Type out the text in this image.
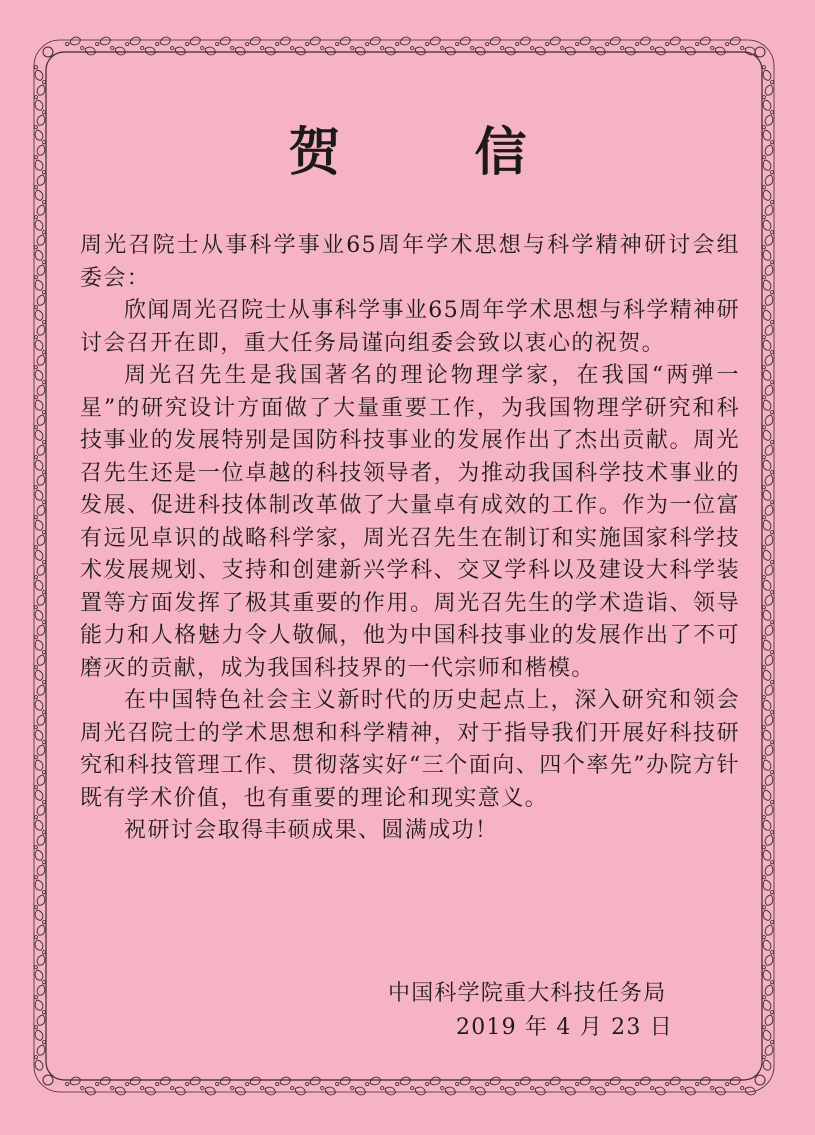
贺 信

周光召院士从事科学事业65周年学术思想与科学精神研讨会组委会：

欣闻周光召院士从事科学事业65周年学术思想与科学精神研讨会召开在即，重大任务局谨向组委会致以衷心的祝贺。

周光召先生是我国著名的理论物理学家，在我国“两弹一星”的研究设计方面做了大量重要工作，为我国物理学研究和科技事业的发展特别是国防科技事业的发展作出了杰出贡献。周光召先生还是一位卓越的科技领导者，为推动我国科学技术事业的发展、促进科技体制改革做了大量卓有成效的工作。作为一位富有远见卓识的战略科学家，周光召先生在制订和实施国家科学技术发展规划、支持和创建新兴学科、交叉学科以及建设大科学装置等方面发挥了极其重要的作用。周光召先生的学术造诣、领导能力和人格魅力令人敬佩，他为中国科技事业的发展作出了不可磨灭的贡献，成为我国科技界的一代宗师和楷模。

在中国特色社会主义新时代的历史起点上，深入研究和领会周光召院士的学术思想和科学精神，对于指导我们开展好科技研究和科技管理工作、贯彻落实好“三个面向、四个率先”办院方针既有学术价值，也有重要的理论和现实意义。

祝研讨会取得丰硕成果、圆满成功！

中国科学院重大科技任务局
2019 年 4 月 23 日
